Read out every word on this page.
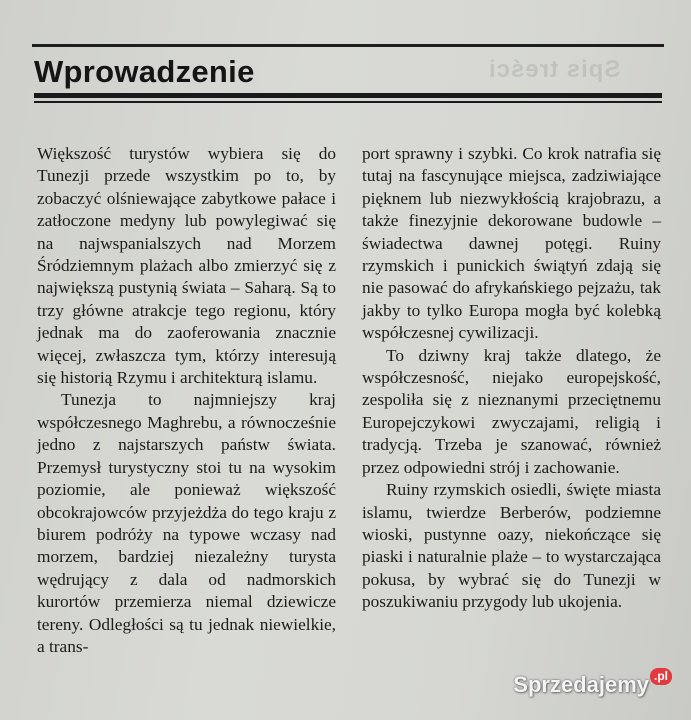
Spis treści
Wprowadzenie

Większość turystów wybiera się do Tunezji przede wszystkim po to, by zobaczyć olśniewające zabytkowe pałace i zatłoczone medyny lub powylegiwać się na najwspanialszych nad Morzem Śródziemnym plażach albo zmierzyć się z największą pustynią świata – Saharą. Są to trzy główne atrakcje tego regionu, który jednak ma do zaoferowania znacznie więcej, zwłaszcza tym, którzy interesują się historią Rzymu i architekturą islamu.

Tunezja to najmniejszy kraj współczesnego Maghrebu, a równocześnie jedno z najstarszych państw świata. Przemysł turystyczny stoi tu na wysokim poziomie, ale ponieważ większość obcokrajowców przyjeżdża do tego kraju z biurem podróży na typowe wczasy nad morzem, bardziej niezależny turysta wędrujący z dala od nadmorskich kurortów przemierza niemal dziewicze tereny. Odległości są tu jednak niewielkie, a trans-

port sprawny i szybki. Co krok natrafia się tutaj na fascynujące miejsca, zadziwiające pięknem lub niezwykłością krajobrazu, a także finezyjnie dekorowane budowle – świadectwa dawnej potęgi. Ruiny rzymskich i punickich świątyń zdają się nie pasować do afrykańskiego pejzażu, tak jakby to tylko Europa mogła być kolebką współczesnej cywilizacji.

To dziwny kraj także dlatego, że współczesność, niejako europejskość, zespoliła się z nieznanymi przeciętnemu Europejczykowi zwyczajami, religią i tradycją. Trzeba je szanować, również przez odpowiedni strój i zachowanie.

Ruiny rzymskich osiedli, święte miasta islamu, twierdze Berberów, podziemne wioski, pustynne oazy, niekończące się piaski i naturalnie plaże – to wystarczająca pokusa, by wybrać się do Tunezji w poszukiwaniu przygody lub ukojenia.

Sprzedajemy .pl
